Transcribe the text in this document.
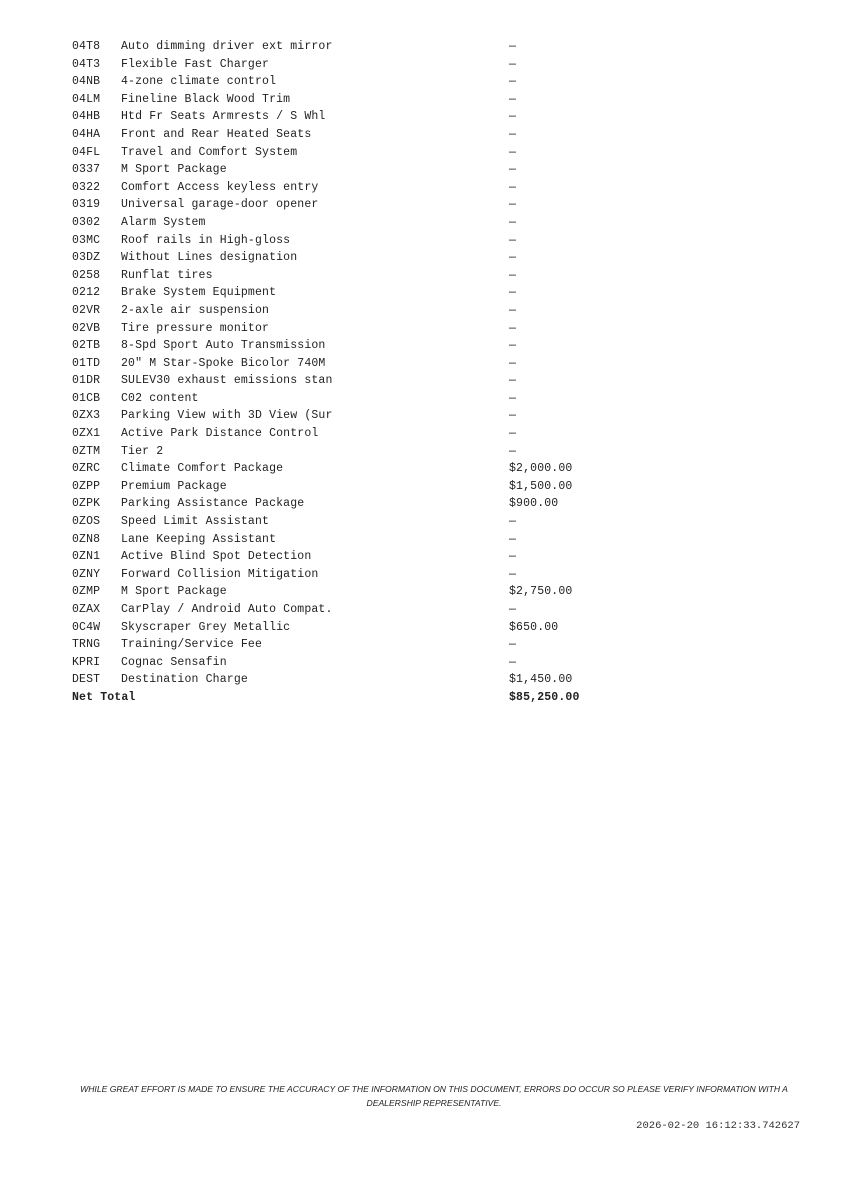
04T8	Auto dimming driver ext mirror	—
04T3	Flexible Fast Charger	—
04NB	4-zone climate control	—
04LM	Fineline Black Wood Trim	—
04HB	Htd Fr Seats Armrests / S Whl	—
04HA	Front and Rear Heated Seats	—
04FL	Travel and Comfort System	—
0337	M Sport Package	—
0322	Comfort Access keyless entry	—
0319	Universal garage-door opener	—
0302	Alarm System	—
03MC	Roof rails in High-gloss	—
03DZ	Without Lines designation	—
0258	Runflat tires	—
0212	Brake System Equipment	—
02VR	2-axle air suspension	—
02VB	Tire pressure monitor	—
02TB	8-Spd Sport Auto Transmission	—
01TD	20" M Star-Spoke Bicolor 740M	—
01DR	SULEV30 exhaust emissions stan	—
01CB	C02 content	—
0ZX3	Parking View with 3D View (Sur	—
0ZX1	Active Park Distance Control	—
0ZTM	Tier 2	—
0ZRC	Climate Comfort Package	$2,000.00
0ZPP	Premium Package	$1,500.00
0ZPK	Parking Assistance Package	$900.00
0ZOS	Speed Limit Assistant	—
0ZN8	Lane Keeping Assistant	—
0ZN1	Active Blind Spot Detection	—
0ZNY	Forward Collision Mitigation	—
0ZMP	M Sport Package	$2,750.00
0ZAX	CarPlay / Android Auto Compat.	—
0C4W	Skyscraper Grey Metallic	$650.00
TRNG	Training/Service Fee	—
KPRI	Cognac Sensafin	—
DEST	Destination Charge	$1,450.00
Net Total	$85,250.00
WHILE GREAT EFFORT IS MADE TO ENSURE THE ACCURACY OF THE INFORMATION ON THIS DOCUMENT, ERRORS DO OCCUR SO PLEASE VERIFY INFORMATION WITH A DEALERSHIP REPRESENTATIVE.
2026-02-20 16:12:33.742627
